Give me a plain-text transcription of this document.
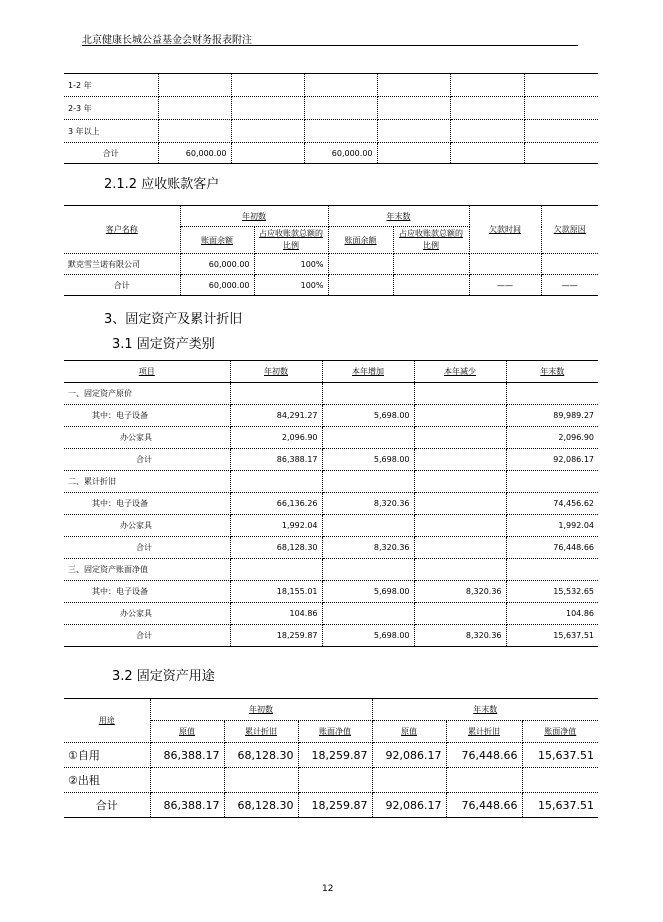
北京健康长城公益基金会财务报表附注
1-2 年						
2-3 年						
3 年以上						
合计	60,000.00		60,000.00			
2.1.2 应收账款客户
客户名称	年初数		年末数		欠款时间	欠款原因
	账面余额	占应收账款总额的比例	账面余额	占应收账款总额的比例		
默克雪兰诺有限公司	60,000.00	100%				
合计	60,000.00	100%			——	——
3、固定资产及累计折旧
3.1 固定资产类别
项目	年初数	本年增加	本年减少	年末数
一、固定资产原价				
其中：电子设备	84,291.27	5,698.00		89,989.27
办公家具	2,096.90			2,096.90
合计	86,388.17	5,698.00		92,086.17
二、累计折旧				
其中：电子设备	66,136.26	8,320.36		74,456.62
办公家具	1,992.04			1,992.04
合计	68,128.30	8,320.36		76,448.66
三、固定资产账面净值				
其中：电子设备	18,155.01	5,698.00	8,320.36	15,532.65
办公家具	104.86			104.86
合计	18,259.87	5,698.00	8,320.36	15,637.51
3.2 固定资产用途
用途	年初数			年末数		
	原值	累计折旧	账面净值	原值	累计折旧	账面净值
①自用	86,388.17	68,128.30	18,259.87	92,086.17	76,448.66	15,637.51
②出租						
合计	86,388.17	68,128.30	18,259.87	92,086.17	76,448.66	15,637.51
12
